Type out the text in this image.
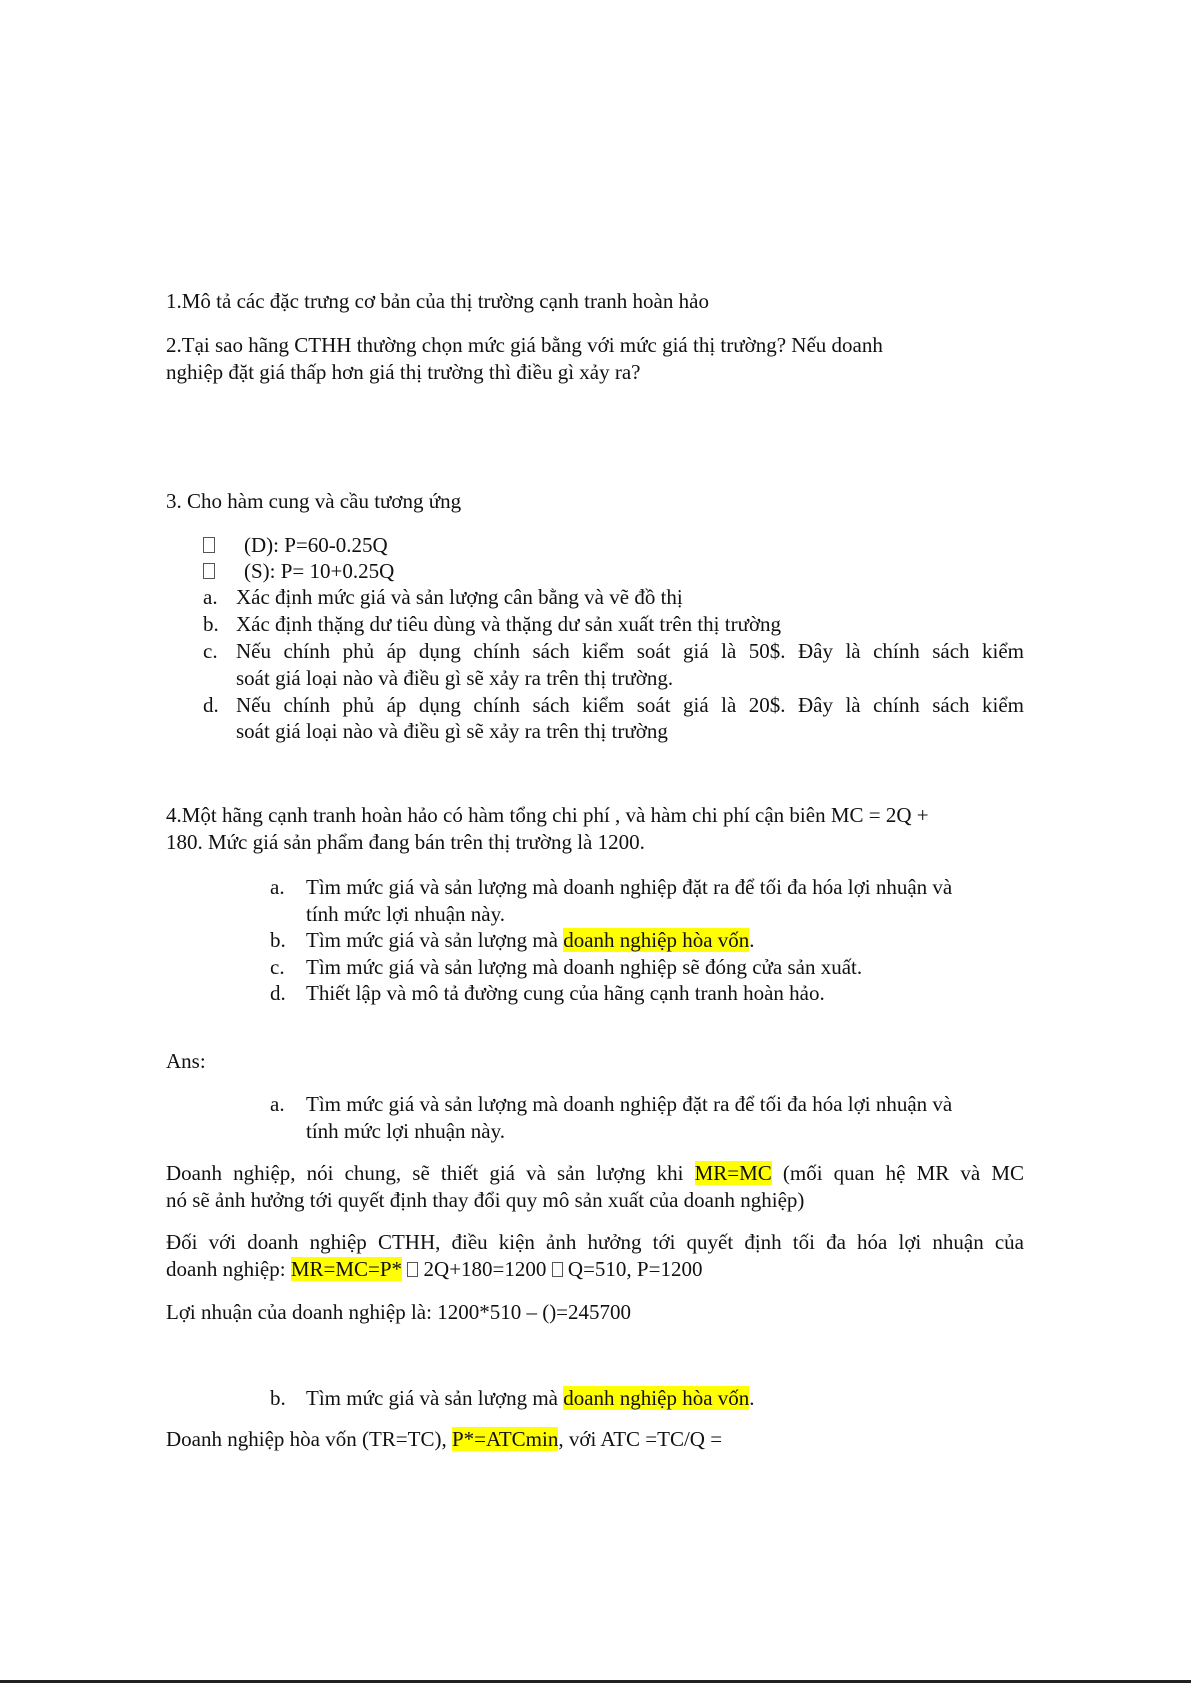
1.Mô tả các đặc trưng cơ bản của thị trường cạnh tranh hoàn hảo
2.Tại sao hãng CTHH thường chọn mức giá bằng với mức giá thị trường? Nếu doanh
nghiệp đặt giá thấp hơn giá thị trường thì điều gì xảy ra?
3. Cho hàm cung và cầu tương ứng
(D): P=60-0.25Q
(S): P= 10+0.25Q
a. Xác định mức giá và sản lượng cân bằng và vẽ đồ thị
b. Xác định thặng dư tiêu dùng và thặng dư sản xuất trên thị trường
c. Nếu chính phủ áp dụng chính sách kiểm soát giá là 50$. Đây là chính sách kiểm
soát giá loại nào và điều gì sẽ xảy ra trên thị trường.
d. Nếu chính phủ áp dụng chính sách kiểm soát giá là 20$. Đây là chính sách kiểm
soát giá loại nào và điều gì sẽ xảy ra trên thị trường
4.Một hãng cạnh tranh hoàn hảo có hàm tổng chi phí , và hàm chi phí cận biên MC = 2Q +
180. Mức giá sản phẩm đang bán trên thị trường là 1200.
a. Tìm mức giá và sản lượng mà doanh nghiệp đặt ra để tối đa hóa lợi nhuận và
tính mức lợi nhuận này.
b. Tìm mức giá và sản lượng mà doanh nghiệp hòa vốn.
c. Tìm mức giá và sản lượng mà doanh nghiệp sẽ đóng cửa sản xuất.
d. Thiết lập và mô tả đường cung của hãng cạnh tranh hoàn hảo.
Ans:
a. Tìm mức giá và sản lượng mà doanh nghiệp đặt ra để tối đa hóa lợi nhuận và
tính mức lợi nhuận này.
Doanh nghiệp, nói chung, sẽ thiết giá và sản lượng khi MR=MC (mối quan hệ MR và MC
nó sẽ ảnh hưởng tới quyết định thay đổi quy mô sản xuất của doanh nghiệp)
Đối với doanh nghiệp CTHH, điều kiện ảnh hưởng tới quyết định tối đa hóa lợi nhuận của
doanh nghiệp: MR=MC=P*  2Q+180=1200  Q=510, P=1200
Lợi nhuận của doanh nghiệp là: 1200*510 – ()=245700
b. Tìm mức giá và sản lượng mà doanh nghiệp hòa vốn.
Doanh nghiệp hòa vốn (TR=TC), P*=ATCmin, với ATC =TC/Q =
